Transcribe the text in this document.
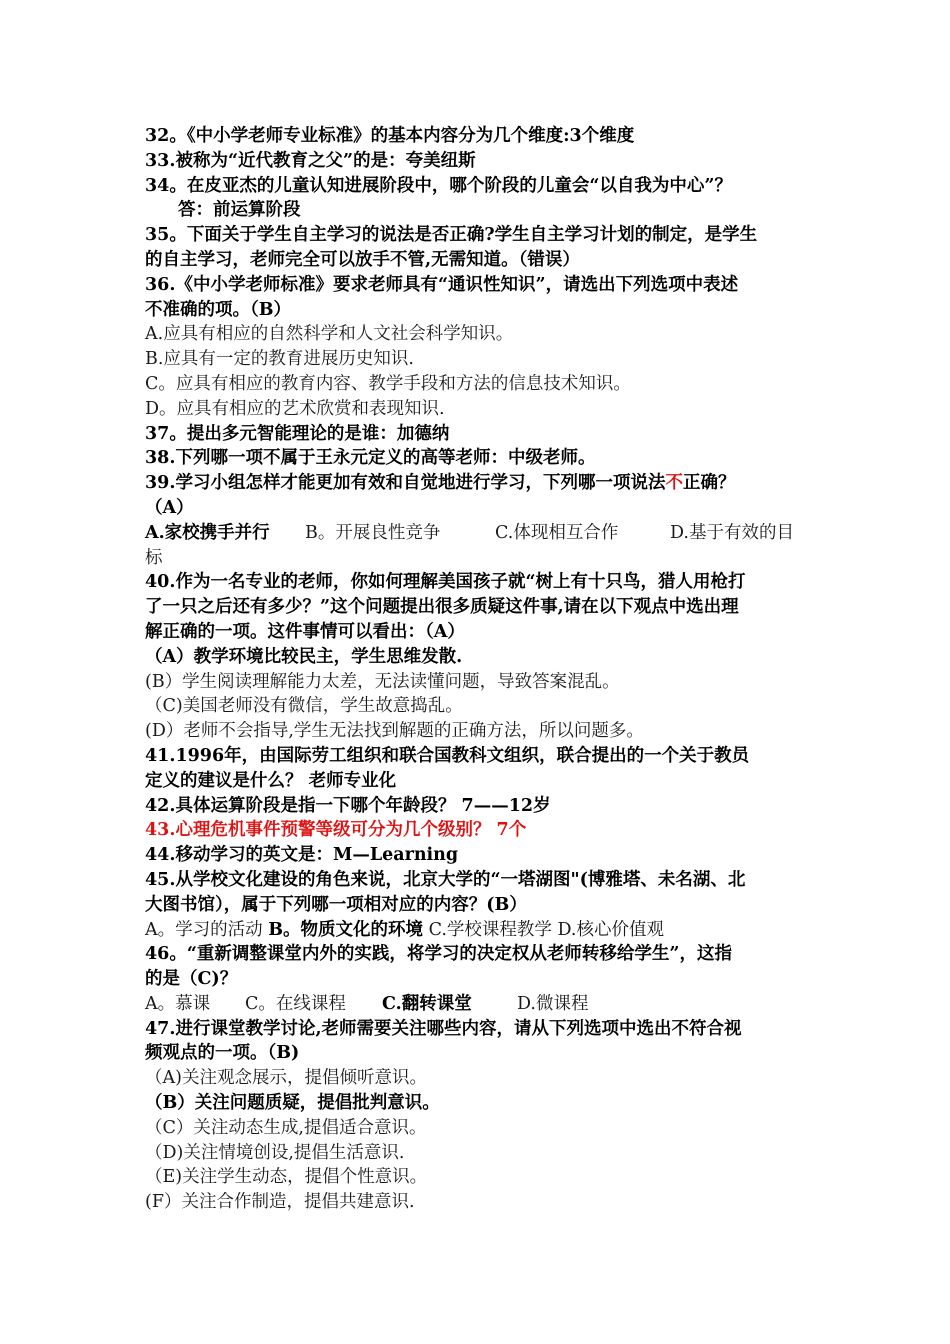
32。《中小学老师专业标准》的基本内容分为几个维度:3个维度
33.被称为“近代教育之父”的是：夸美纽斯
34。在皮亚杰的儿童认知进展阶段中，哪个阶段的儿童会“以自我为中心”？
答：前运算阶段
35。下面关于学生自主学习的说法是否正确?学生自主学习计划的制定，是学生
的自主学习，老师完全可以放手不管,无需知道。（错误）
36.《中小学老师标准》要求老师具有“通识性知识”，请选出下列选项中表述
不准确的项。（B）
A.应具有相应的自然科学和人文社会科学知识。
B.应具有一定的教育进展历史知识.
C。应具有相应的教育内容、教学手段和方法的信息技术知识。
D。应具有相应的艺术欣赏和表现知识.
37。提出多元智能理论的是谁：加德纳
38.下列哪一项不属于王永元定义的高等老师：中级老师。
39.学习小组怎样才能更加有效和自觉地进行学习，下列哪一项说法不正确？
（A）
A.家校携手并行 B。开展良性竞争	C.体现相互合作	D.基于有效的目
标
40.作为一名专业的老师，你如何理解美国孩子就“树上有十只鸟，猎人用枪打
了一只之后还有多少？”这个问题提出很多质疑这件事,请在以下观点中选出理
解正确的一项。这件事情可以看出：（A）
（A）教学环境比较民主，学生思维发散.
(B）学生阅读理解能力太差，无法读懂问题，导致答案混乱。
（C)美国老师没有微信，学生故意捣乱。
(D）老师不会指导,学生无法找到解题的正确方法，所以问题多。
41.1996年，由国际劳工组织和联合国教科文组织，联合提出的一个关于教员
定义的建议是什么？ 老师专业化
42.具体运算阶段是指一下哪个年龄段？ 7——12岁
43.心理危机事件预警等级可分为几个级别？ 7个
44.移动学习的英文是：M—Learning
45.从学校文化建设的角色来说，北京大学的“一塔湖图"(博雅塔、未名湖、北
大图书馆），属于下列哪一项相对应的内容？(B）
A。学习的活动 B。物质文化的环境 C.学校课程教学 D.核心价值观
46。“重新调整课堂内外的实践，将学习的决定权从老师转移给学生”，这指
的是（C)？
A。慕课 C。在线课程 C.翻转课堂	D.微课程
47.进行课堂教学讨论,老师需要关注哪些内容，请从下列选项中选出不符合视
频观点的一项。（B)
（A)关注观念展示，提倡倾听意识。
（B）关注问题质疑，提倡批判意识。
（C）关注动态生成,提倡适合意识。
（D)关注情境创设,提倡生活意识.
（E)关注学生动态，提倡个性意识。
(F）关注合作制造，提倡共建意识.
